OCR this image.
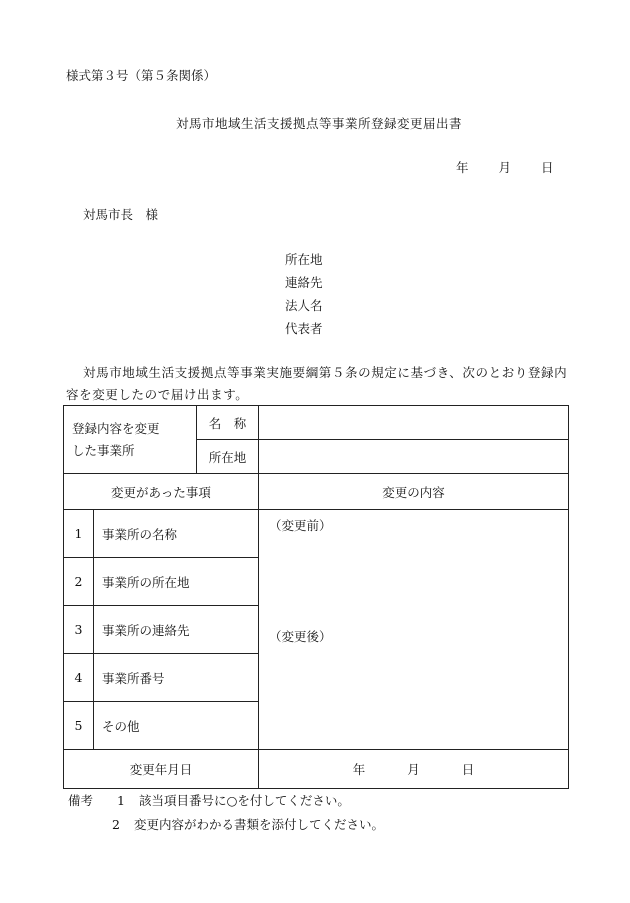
様式第３号（第５条関係）
対馬市地域生活支援拠点等事業所登録変更届出書
年 月 日
対馬市長　様
所在地
連絡先
法人名
代表者
対馬市地域生活支援拠点等事業実施要綱第５条の規定に基づき、次のとおり登録内容を変更したので届け出ます。
登録内容を変更した事業所		名　称	
		所在地	
変更があった事項			変更の内容
1	事業所の名称		（変更前）
（変更後）

2	事業所の所在地		
3	事業所の連絡先		
4	事業所番号		
5	その他		
変更年月日			年 月 日
備考 1 該当項目番号に○を付してください。
2 変更内容がわかる書類を添付してください。
